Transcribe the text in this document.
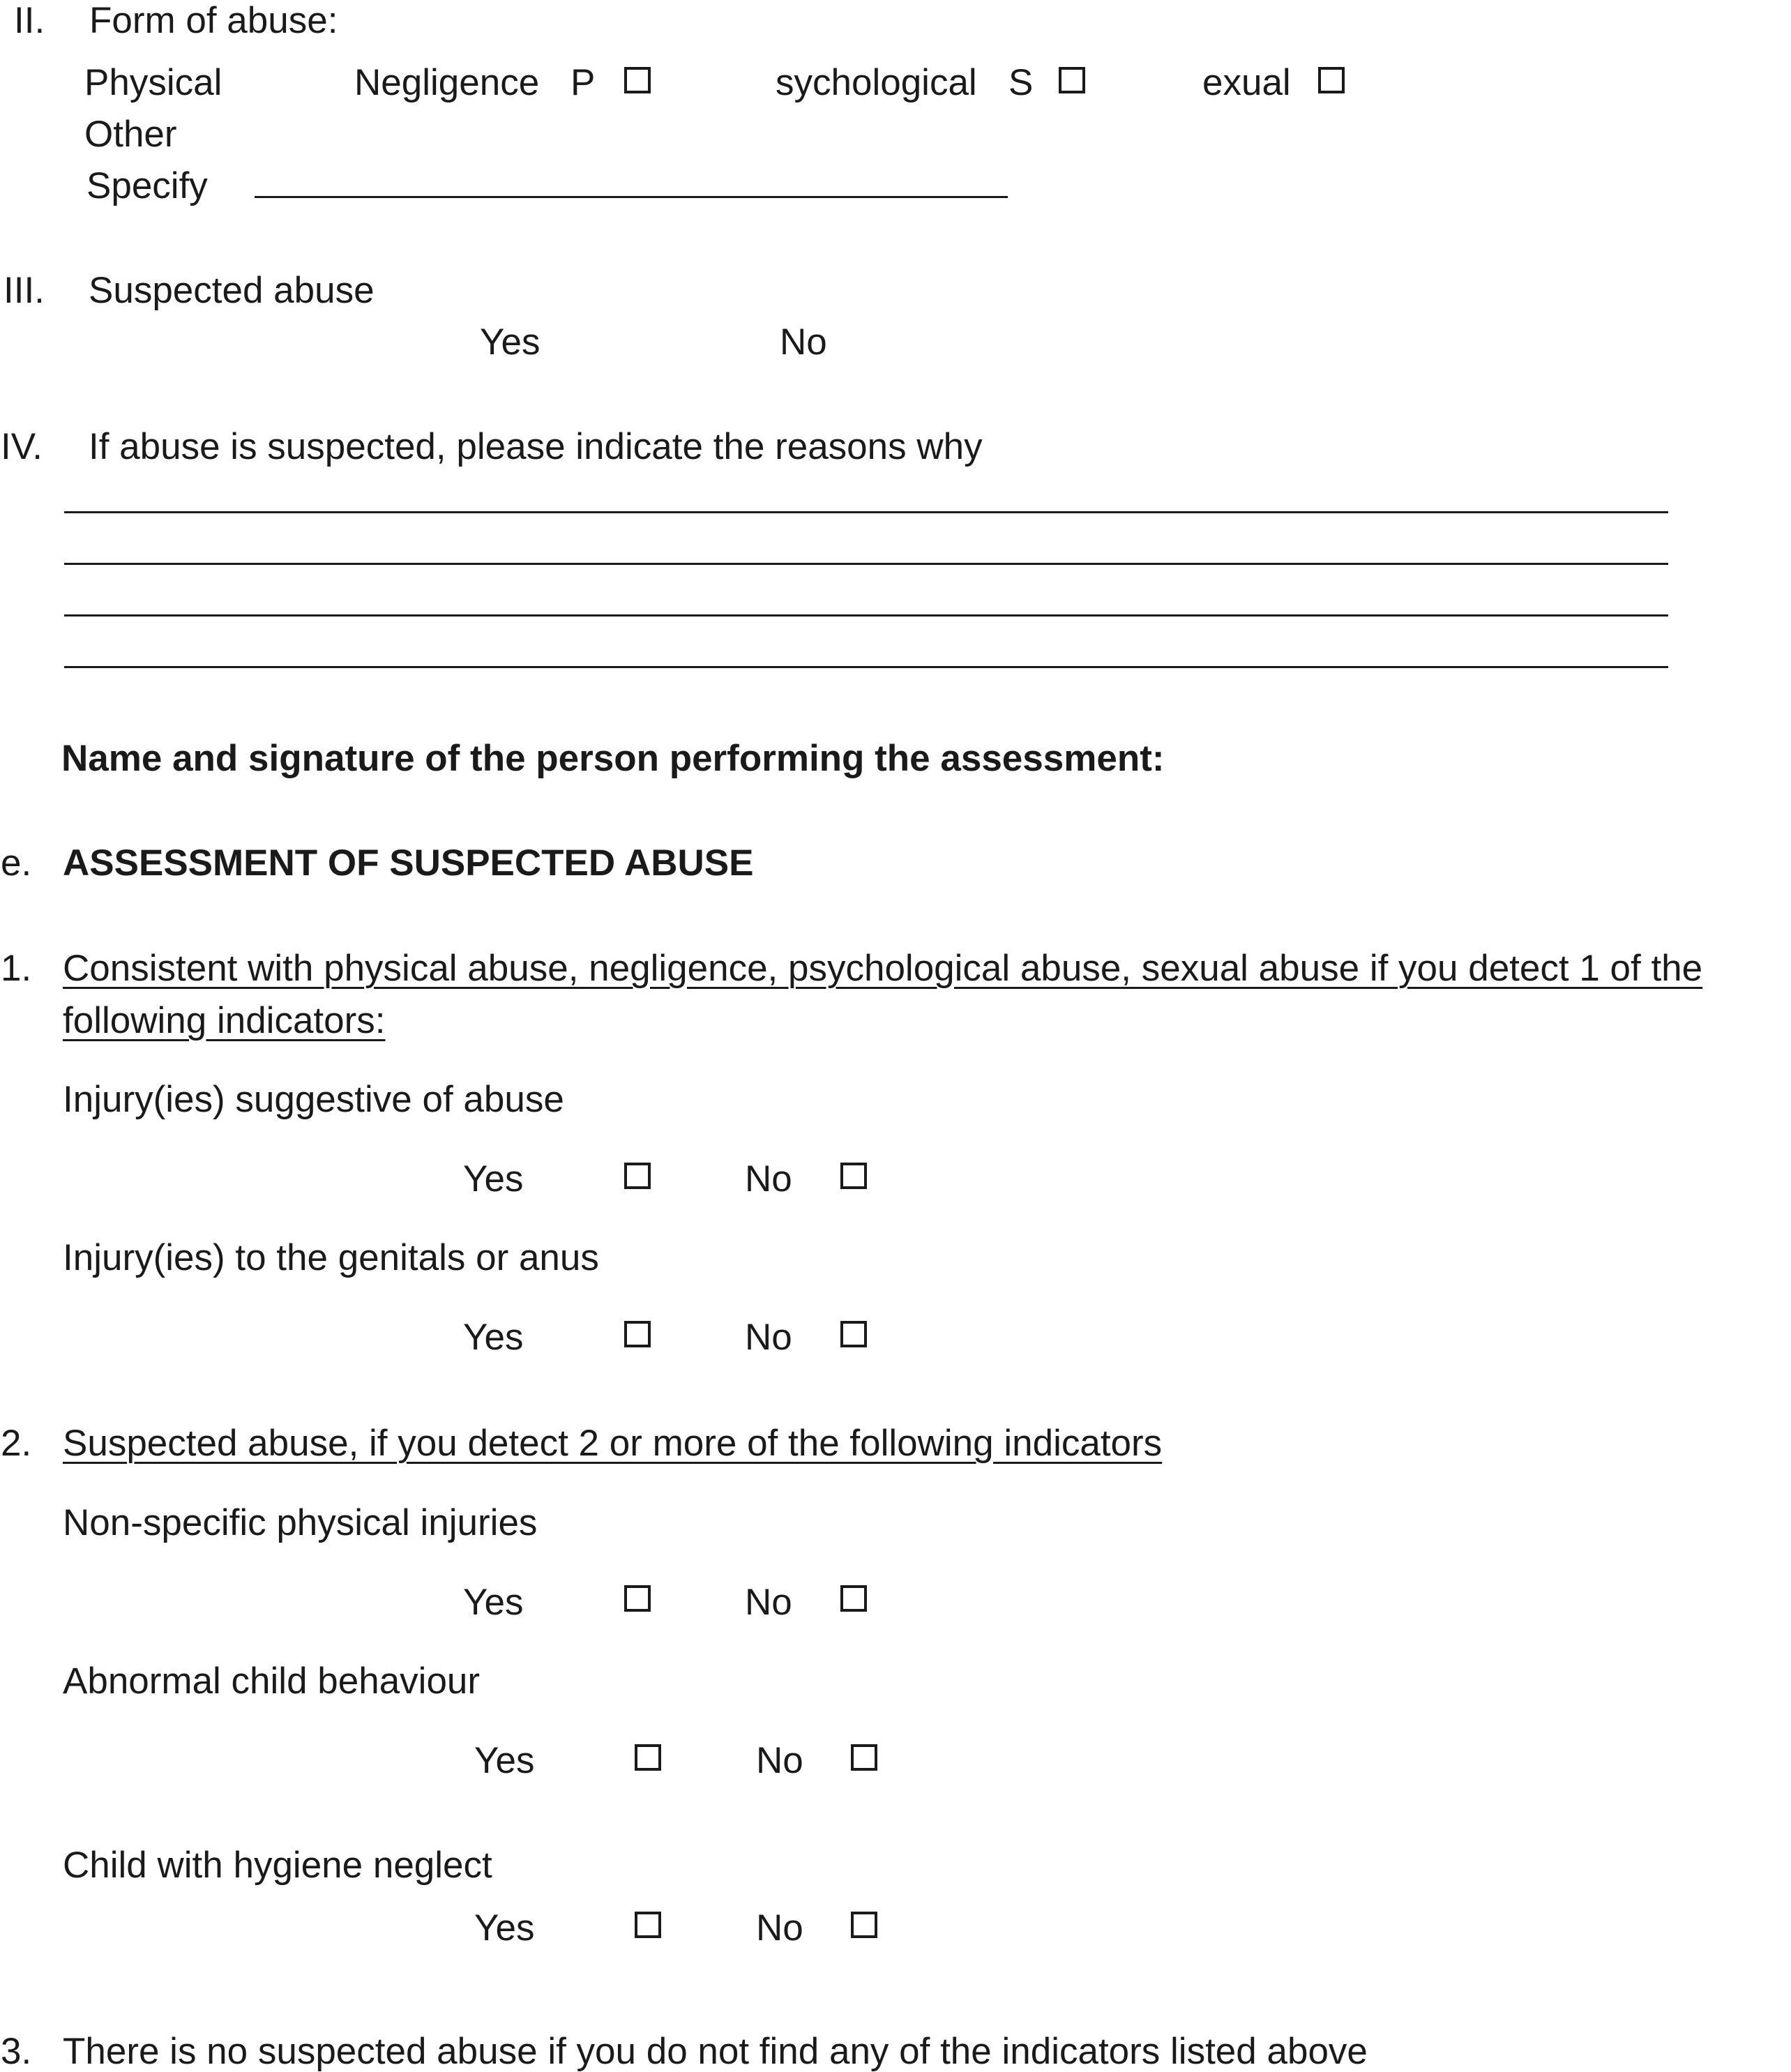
II. Form of abuse:
Physical	Negligence P	sychological S	exual
Other
Specify
III. Suspected abuse
Yes	No
IV. If abuse is suspected, please indicate the reasons why
Name and signature of the person performing the assessment:
e. ASSESSMENT OF SUSPECTED ABUSE
1. Consistent with physical abuse, negligence, psychological abuse, sexual abuse if you detect 1 of the
following indicators:
Injury(ies) suggestive of abuse
Yes	No
Injury(ies) to the genitals or anus
Yes	No
2. Suspected abuse, if you detect 2 or more of the following indicators
Non-specific physical injuries
Yes	No
Abnormal child behaviour
Yes	No
Child with hygiene neglect
Yes	No
3. There is no suspected abuse if you do not find any of the indicators listed above
